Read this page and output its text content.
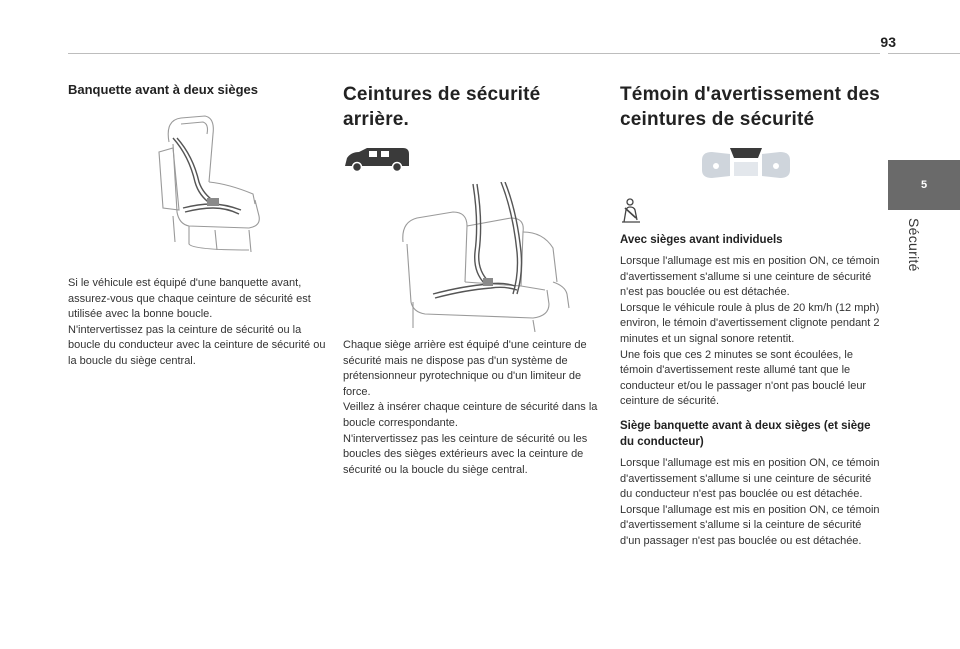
93
5
Sécurité
Banquette avant à deux sièges

Si le véhicule est équipé d'une banquette avant, assurez-vous que chaque ceinture de sécurité est utilisée avec la bonne boucle.

N'intervertissez pas la ceinture de sécurité ou la boucle du conducteur avec la ceinture de sécurité ou la boucle du siège central.

Ceintures de sécurité arrière.

Chaque siège arrière est équipé d'une ceinture de sécurité mais ne dispose pas d'un système de prétensionneur pyrotechnique ou d'un limiteur de force.

Veillez à insérer chaque ceinture de sécurité dans la boucle correspondante.

N'intervertissez pas les ceinture de sécurité ou les boucles des sièges extérieurs avec la ceinture de sécurité ou la boucle du siège central.

Témoin d'avertissement des ceintures de sécurité
Avec sièges avant individuels

Lorsque l'allumage est mis en position ON, ce témoin d'avertissement s'allume si une ceinture de sécurité n'est pas bouclée ou est détachée.

Lorsque le véhicule roule à plus de 20 km/h (12 mph) environ, le témoin d'avertissement clignote pendant 2 minutes et un signal sonore retentit.

Une fois que ces 2 minutes se sont écoulées, le témoin d'avertissement reste allumé tant que le conducteur et/ou le passager n'ont pas bouclé leur ceinture de sécurité.

Siège banquette avant à deux sièges (et siège du conducteur)

Lorsque l'allumage est mis en position ON, ce témoin d'avertissement s'allume si une ceinture de sécurité du conducteur n'est pas bouclée ou est détachée.

Lorsque l'allumage est mis en position ON, ce témoin d'avertissement s'allume si la ceinture de sécurité d'un passager n'est pas bouclée ou est détachée.
